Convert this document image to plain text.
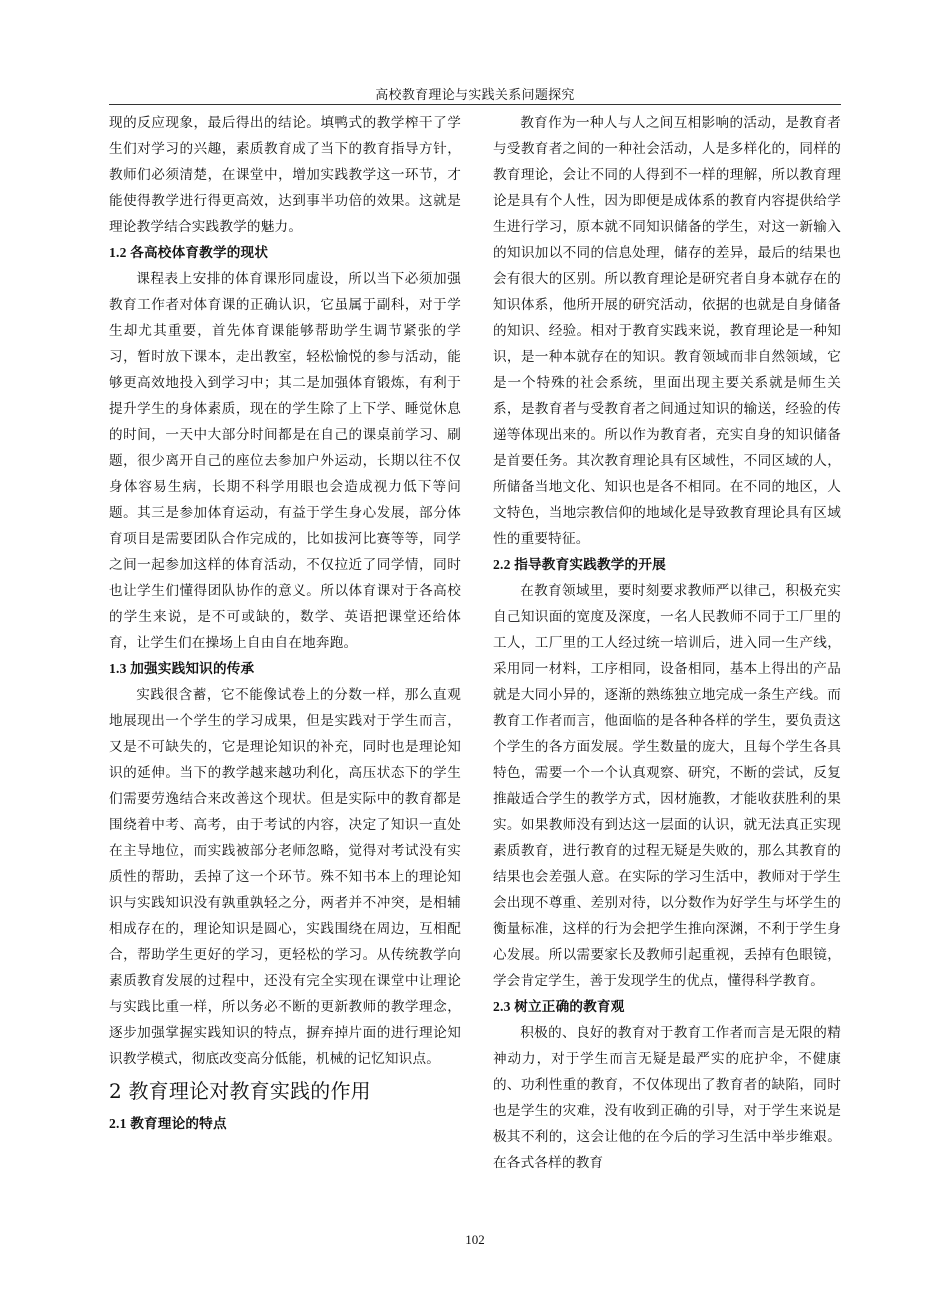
高校教育理论与实践关系问题探究

现的反应现象，最后得出的结论。填鸭式的教学榨干了学生们对学习的兴趣，素质教育成了当下的教育指导方针，教师们必须清楚，在课堂中，增加实践教学这一环节，才能使得教学进行得更高效，达到事半功倍的效果。这就是理论教学结合实践教学的魅力。

1.2 各高校体育教学的现状

课程表上安排的体育课形同虚设，所以当下必须加强教育工作者对体育课的正确认识，它虽属于副科，对于学生却尤其重要，首先体育课能够帮助学生调节紧张的学习，暂时放下课本，走出教室，轻松愉悦的参与活动，能够更高效地投入到学习中；其二是加强体育锻炼，有利于提升学生的身体素质，现在的学生除了上下学、睡觉休息的时间，一天中大部分时间都是在自己的课桌前学习、刷题，很少离开自己的座位去参加户外运动，长期以往不仅身体容易生病，长期不科学用眼也会造成视力低下等问题。其三是参加体育运动，有益于学生身心发展，部分体育项目是需要团队合作完成的，比如拔河比赛等等，同学之间一起参加这样的体育活动，不仅拉近了同学情，同时也让学生们懂得团队协作的意义。所以体育课对于各高校的学生来说，是不可或缺的，数学、英语把课堂还给体育，让学生们在操场上自由自在地奔跑。

1.3 加强实践知识的传承

实践很含蓄，它不能像试卷上的分数一样，那么直观地展现出一个学生的学习成果，但是实践对于学生而言，又是不可缺失的，它是理论知识的补充，同时也是理论知识的延伸。当下的教学越来越功利化，高压状态下的学生们需要劳逸结合来改善这个现状。但是实际中的教育都是围绕着中考、高考，由于考试的内容，决定了知识一直处在主导地位，而实践被部分老师忽略，觉得对考试没有实质性的帮助，丢掉了这一个环节。殊不知书本上的理论知识与实践知识没有孰重孰轻之分，两者并不冲突，是相辅相成存在的，理论知识是圆心，实践围绕在周边，互相配合，帮助学生更好的学习，更轻松的学习。从传统教学向素质教育发展的过程中，还没有完全实现在课堂中让理论与实践比重一样，所以务必不断的更新教师的教学理念，逐步加强掌握实践知识的特点，摒弃掉片面的进行理论知识教学模式，彻底改变高分低能，机械的记忆知识点。

2 教育理论对教育实践的作用
2.1 教育理论的特点

教育作为一种人与人之间互相影响的活动，是教育者与受教育者之间的一种社会活动，人是多样化的，同样的教育理论，会让不同的人得到不一样的理解，所以教育理论是具有个人性，因为即便是成体系的教育内容提供给学生进行学习，原本就不同知识储备的学生，对这一新输入的知识加以不同的信息处理，储存的差异，最后的结果也会有很大的区别。所以教育理论是研究者自身本就存在的知识体系，他所开展的研究活动，依据的也就是自身储备的知识、经验。相对于教育实践来说，教育理论是一种知识，是一种本就存在的知识。教育领域而非自然领域，它是一个特殊的社会系统，里面出现主要关系就是师生关系，是教育者与受教育者之间通过知识的输送，经验的传递等体现出来的。所以作为教育者，充实自身的知识储备是首要任务。其次教育理论具有区域性，不同区域的人，所储备当地文化、知识也是各不相同。在不同的地区，人文特色，当地宗教信仰的地域化是导致教育理论具有区域性的重要特征。

2.2 指导教育实践教学的开展

在教育领域里，要时刻要求教师严以律己，积极充实自己知识面的宽度及深度，一名人民教师不同于工厂里的工人，工厂里的工人经过统一培训后，进入同一生产线，采用同一材料，工序相同，设备相同，基本上得出的产品就是大同小异的，逐渐的熟练独立地完成一条生产线。而教育工作者而言，他面临的是各种各样的学生，要负责这个学生的各方面发展。学生数量的庞大，且每个学生各具特色，需要一个一个认真观察、研究，不断的尝试，反复推敲适合学生的教学方式，因材施教，才能收获胜利的果实。如果教师没有到达这一层面的认识，就无法真正实现素质教育，进行教育的过程无疑是失败的，那么其教育的结果也会差强人意。在实际的学习生活中，教师对于学生会出现不尊重、差别对待，以分数作为好学生与坏学生的衡量标准，这样的行为会把学生推向深渊，不利于学生身心发展。所以需要家长及教师引起重视，丢掉有色眼镜，学会肯定学生，善于发现学生的优点，懂得科学教育。

2.3 树立正确的教育观

积极的、良好的教育对于教育工作者而言是无限的精神动力，对于学生而言无疑是最严实的庇护伞，不健康的、功利性重的教育，不仅体现出了教育者的缺陷，同时也是学生的灾难，没有收到正确的引导，对于学生来说是极其不利的，这会让他的在今后的学习生活中举步维艰。在各式各样的教育

102
